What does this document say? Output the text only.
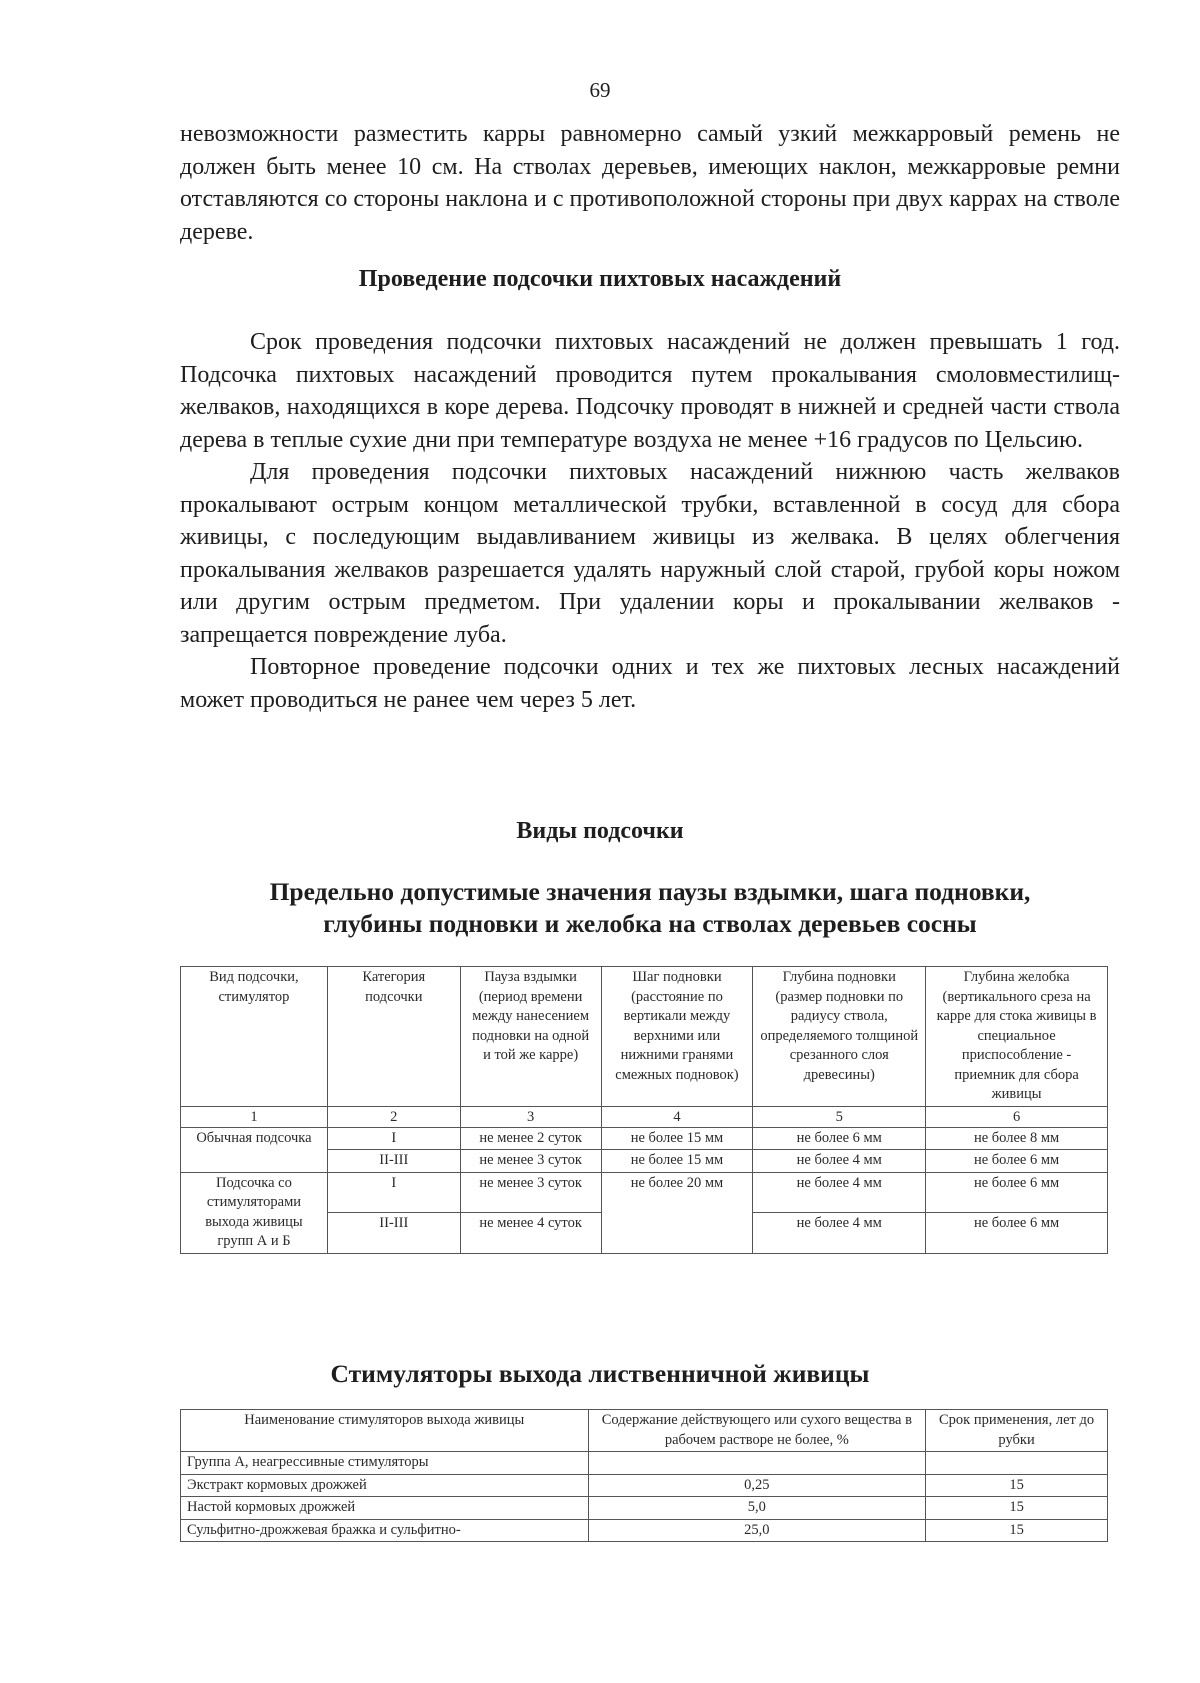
69

невозможности разместить карры равномерно самый узкий межкарровый ремень не должен быть менее 10 см. На стволах деревьев, имеющих наклон, межкарровые ремни отставляются со стороны наклона и с противоположной стороны при двух каррах на стволе дереве.

Проведение подсочки пихтовых насаждений

Срок проведения подсочки пихтовых насаждений не должен превышать 1 год. Подсочка пихтовых насаждений проводится путем прокалывания смоловместилищ-желваков, находящихся в коре дерева. Подсочку проводят в нижней и средней части ствола дерева в теплые сухие дни при температуре воздуха не менее +16 градусов по Цельсию.

Для проведения подсочки пихтовых насаждений нижнюю часть желваков прокалывают острым концом металлической трубки, вставленной в сосуд для сбора живицы, с последующим выдавливанием живицы из желвака. В целях облегчения прокалывания желваков разрешается удалять наружный слой старой, грубой коры ножом или другим острым предметом. При удалении коры и прокалывании желваков - запрещается повреждение луба.

Повторное проведение подсочки одних и тех же пихтовых лесных насаждений может проводиться не ранее чем через 5 лет.

Виды подсочки
Предельно допустимые значения паузы вздымки, шага подновки,
глубины подновки и желобка на стволах деревьев сосны
Вид подсочки, стимулятор	Категория подсочки	Пауза вздымки (период времени между нанесением подновки на одной и той же карре)	Шаг подновки (расстояние по вертикали между верхними или нижними гранями смежных подновок)	Глубина подновки (размер подновки по радиусу ствола, определяемого толщиной срезанного слоя древесины)	Глубина желобка (вертикального среза на карре для стока живицы в специальное приспособление - приемник для сбора живицы
1	2	3	4	5	6
Обычная подсочка	I	не менее 2 суток	не более 15 мм	не более 6 мм	не более 8 мм
	II-III	не менее 3 суток	не более 15 мм	не более 4 мм	не более 6 мм
Подсочка со стимуляторами выхода живицы групп А и Б	I	не менее 3 суток	не более 20 мм	не более 4 мм	не более 6 мм
	II-III	не менее 4 суток		не более 4 мм	не более 6 мм
Стимуляторы выхода лиственничной живицы
Наименование стимуляторов выхода живицы	Содержание действующего или сухого вещества в рабочем растворе не более, %	Срок применения, лет до рубки
Группа А, неагрессивные стимуляторы		
Экстракт кормовых дрожжей	0,25	15
Настой кормовых дрожжей	5,0	15
Сульфитно-дрожжевая бражка и сульфитно-	25,0	15
